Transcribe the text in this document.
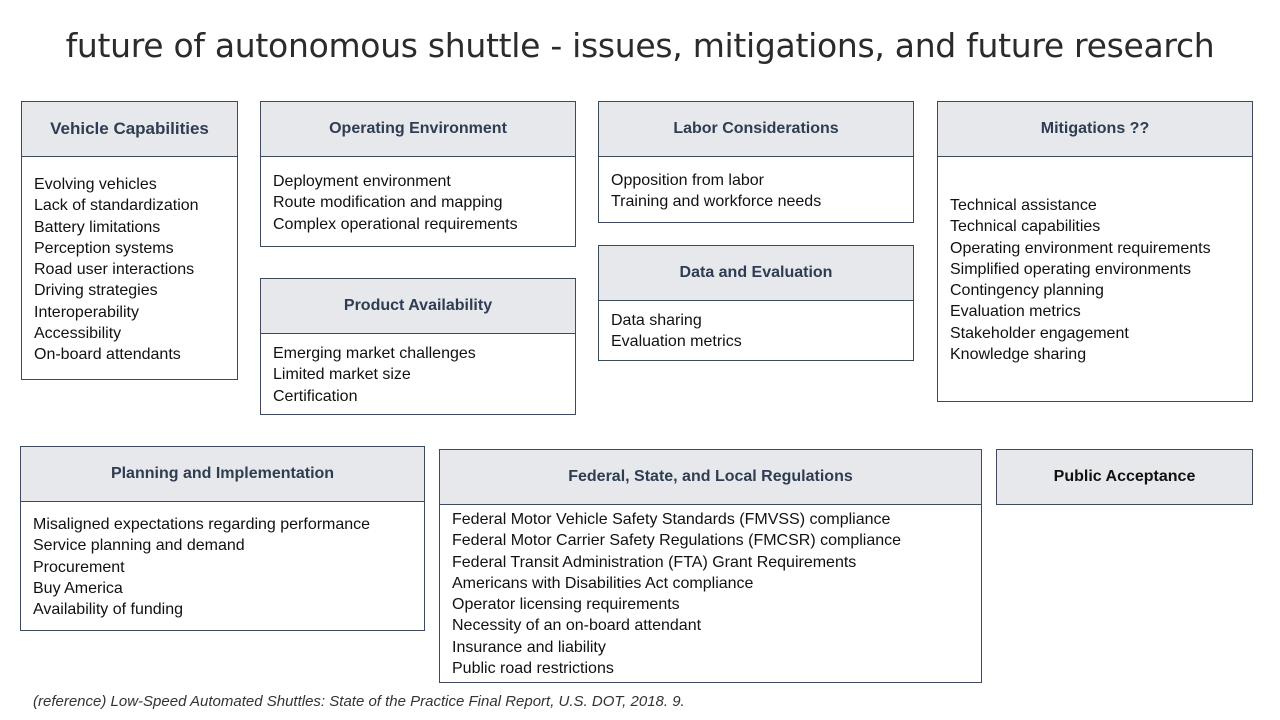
future of autonomous shuttle - issues, mitigations, and future research
Vehicle Capabilities
Evolving vehicles
Lack of standardization
Battery limitations
Perception systems
Road user interactions
Driving strategies
Interoperability
Accessibility
On-board attendants
Operating Environment
Deployment environment
Route modification and mapping
Complex operational requirements
Product Availability
Emerging market challenges
Limited market size
Certification
Labor Considerations
Opposition from labor
Training and workforce needs
Data and Evaluation
Data sharing
Evaluation metrics
Mitigations ??
Technical assistance
Technical capabilities
Operating environment requirements
Simplified operating environments
Contingency planning
Evaluation metrics
Stakeholder engagement
Knowledge sharing
Planning and Implementation
Misaligned expectations regarding performance
Service planning and demand
Procurement
Buy America
Availability of funding
Federal, State, and Local Regulations
Federal Motor Vehicle Safety Standards (FMVSS) compliance
Federal Motor Carrier Safety Regulations (FMCSR) compliance
Federal Transit Administration (FTA) Grant Requirements
Americans with Disabilities Act compliance
Operator licensing requirements
Necessity of an on-board attendant
Insurance and liability
Public road restrictions
Public Acceptance
(reference) Low-Speed Automated Shuttles: State of the Practice Final Report, U.S. DOT, 2018. 9.
